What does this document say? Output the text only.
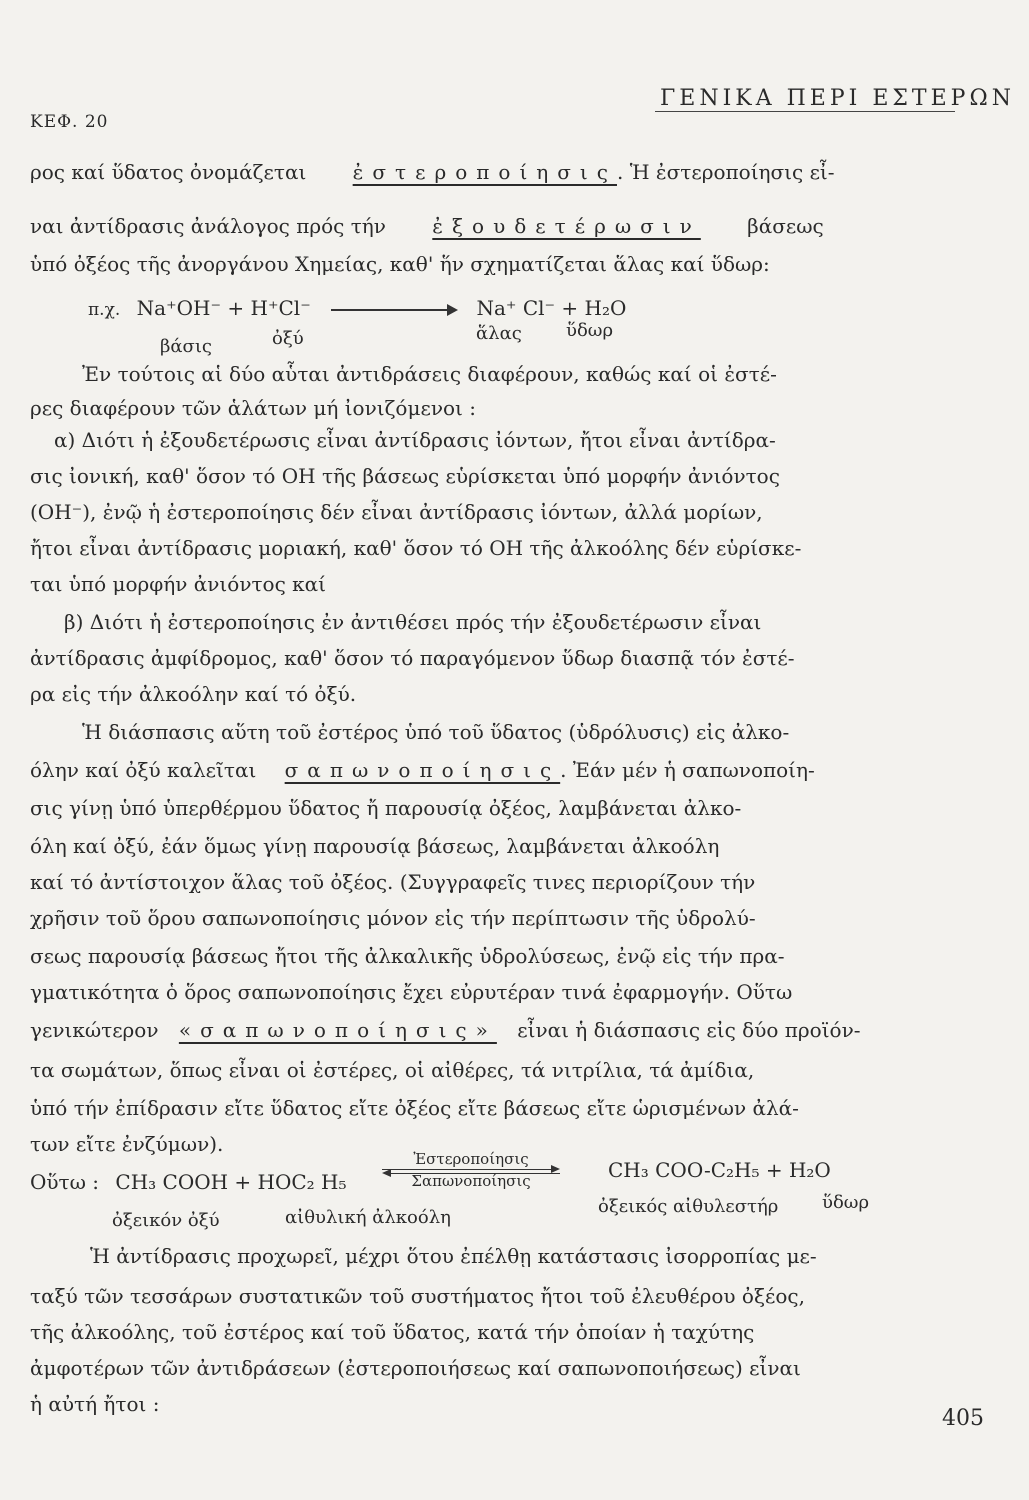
ΚΕΦ. 20
ΓΕΝΙΚΑ ΠΕΡΙ ΕΣΤΕΡΩΝ
ρος καί ὕδατος ὀνομάζεται ἐστεροποίησις. Ἡ ἐστεροποίησις εἶ-
ναι ἀντίδρασις ἀνάλογος πρός τήν ἐξουδετέρωσιν βάσεως
ὑπό ὀξέος τῆς ἀνοργάνου Χημείας, καθ' ἥν σχηματίζεται ἅλας καί ὕδωρ:
π.χ. Na⁺OH⁻ + H⁺Cl⁻	Na⁺ Cl⁻ + H₂O
βάσις	ὀξύ	ἅλας ὕδωρ
Ἐν τούτοις αἱ δύο αὗται ἀντιδράσεις διαφέρουν, καθώς καί οἱ ἐστέ-
ρες διαφέρουν τῶν ἁλάτων μή ἰονιζόμενοι :
α) Διότι ἡ ἐξουδετέρωσις εἶναι ἀντίδρασις ἰόντων, ἤτοι εἶναι ἀντίδρα-
σις ἰονική, καθ' ὅσον τό ΟΗ τῆς βάσεως εὑρίσκεται ὑπό μορφήν ἀνιόντος
(ΟΗ⁻), ἐνῷ ἡ ἐστεροποίησις δέν εἶναι ἀντίδρασις ἰόντων, ἀλλά μορίων,
ἤτοι εἶναι ἀντίδρασις μοριακή, καθ' ὅσον τό ΟΗ τῆς ἀλκοόλης δέν εὑρίσκε-
ται ὑπό μορφήν ἀνιόντος καί
β) Διότι ἡ ἐστεροποίησις ἐν ἀντιθέσει πρός τήν ἐξουδετέρωσιν εἶναι
ἀντίδρασις ἀμφίδρομος, καθ' ὅσον τό παραγόμενον ὕδωρ διασπᾷ τόν ἐστέ-
ρα εἰς τήν ἀλκοόλην καί τό ὀξύ.
Ἡ διάσπασις αὕτη τοῦ ἐστέρος ὑπό τοῦ ὕδατος (ὑδρόλυσις) εἰς ἀλκο-
όλην καί ὀξύ καλεῖται σαπωνοποίησις. Ἐάν μέν ἡ σαπωνοποίη-
σις γίνῃ ὑπό ὑπερθέρμου ὕδατος ἤ παρουσίᾳ ὀξέος, λαμβάνεται ἀλκο-
όλη καί ὀξύ, ἐάν ὅμως γίνῃ παρουσίᾳ βάσεως, λαμβάνεται ἀλκοόλη
καί τό ἀντίστοιχον ἅλας τοῦ ὀξέος. (Συγγραφεῖς τινες περιορίζουν τήν
χρῆσιν τοῦ ὅρου σαπωνοποίησις μόνον εἰς τήν περίπτωσιν τῆς ὑδρολύ-
σεως παρουσίᾳ βάσεως ἤτοι τῆς ἀλκαλικῆς ὑδρολύσεως, ἐνῷ εἰς τήν πρα-
γματικότητα ὁ ὅρος σαπωνοποίησις ἔχει εὐρυτέραν τινά ἐφαρμογήν. Οὕτω
γενικώτερον «σαπωνοποίησις» εἶναι ἡ διάσπασις εἰς δύο προϊόν-
τα σωμάτων, ὅπως εἶναι οἱ ἐστέρες, οἱ αἰθέρες, τά νιτρίλια, τά ἀμίδια,
ὑπό τήν ἐπίδρασιν εἴτε ὕδατος εἴτε ὀξέος εἴτε βάσεως εἴτε ὡρισμένων ἀλά-
των εἴτε ἐνζύμων).
Οὕτω : CH₃ COOH + HOC₂ H₅
Ἐστεροποίησις
Σαπωνοποίησις	CH₃ COO-C₂H₅ + H₂O
ὀξεικόν ὀξύ	αἰθυλική ἀλκοόλη
ὀξεικός αἰθυλεστήρ ὕδωρ
Ἡ ἀντίδρασις προχωρεῖ, μέχρι ὅτου ἐπέλθῃ κατάστασις ἰσορροπίας με-
ταξύ τῶν τεσσάρων συστατικῶν τοῦ συστήματος ἤτοι τοῦ ἐλευθέρου ὀξέος,
τῆς ἀλκοόλης, τοῦ ἐστέρος καί τοῦ ὕδατος, κατά τήν ὁποίαν ἡ ταχύτης
ἀμφοτέρων τῶν ἀντιδράσεων (ἐστεροποιήσεως καί σαπωνοποιήσεως) εἶναι
ἡ αὐτή ἤτοι :
405
